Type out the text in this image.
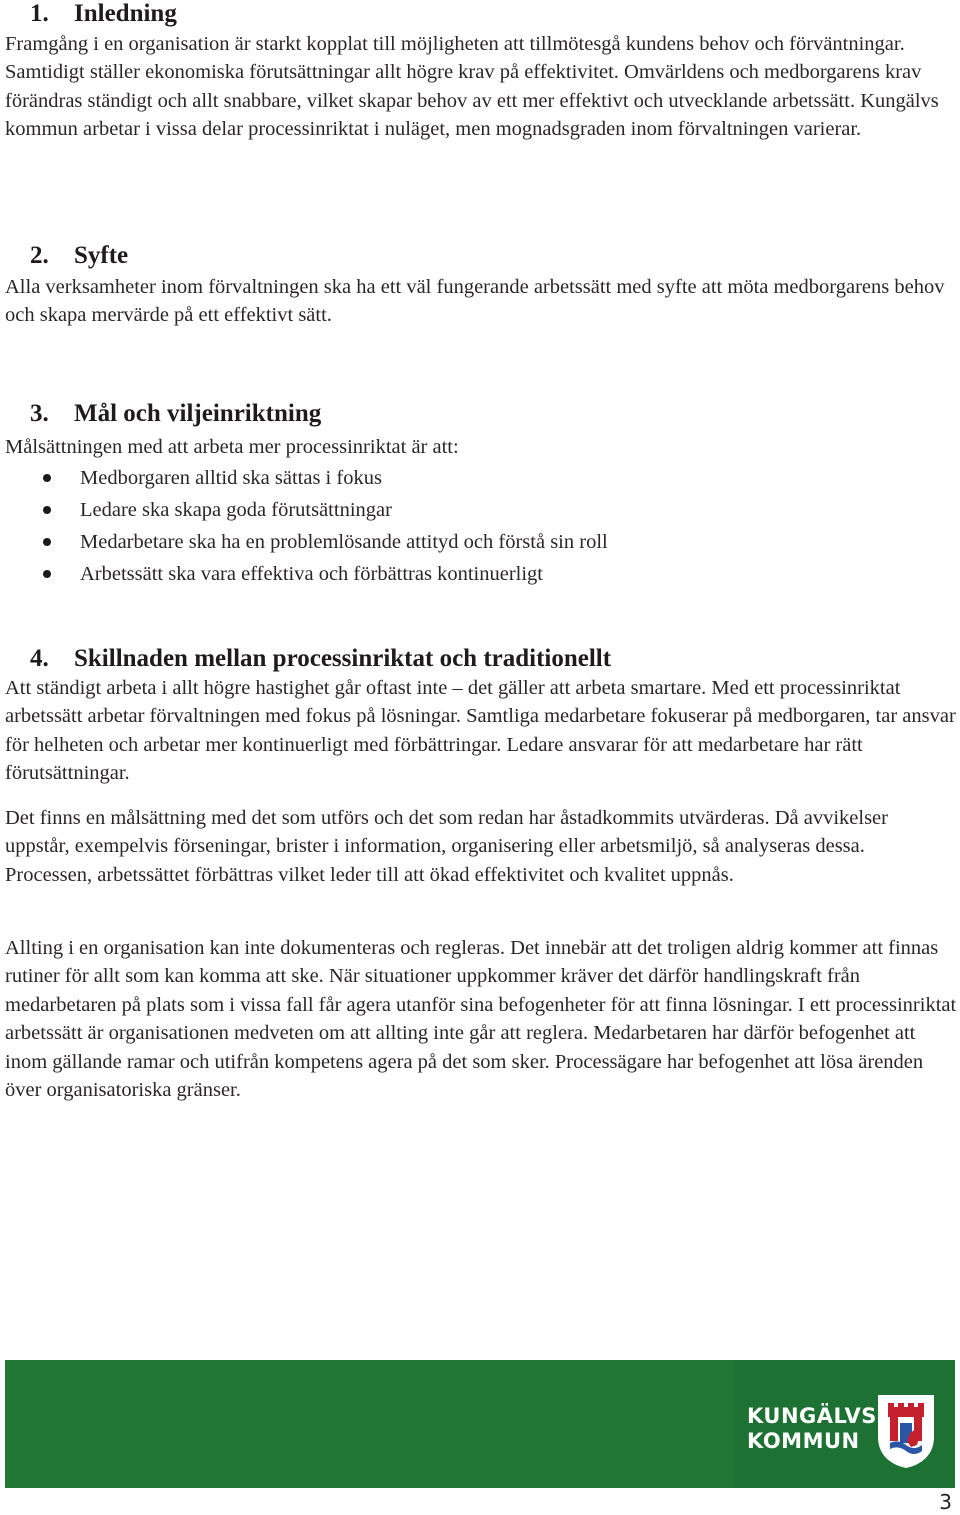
1. Inledning

Framgång i en organisation är starkt kopplat till möjligheten att tillmötesgå kundens behov och förväntningar. Samtidigt ställer ekonomiska förutsättningar allt högre krav på effektivitet. Omvärldens och medborgarens krav förändras ständigt och allt snabbare, vilket skapar behov av ett mer effektivt och utvecklande arbetssätt. Kungälvs kommun arbetar i vissa delar processinriktat i nuläget, men mognadsgraden inom förvaltningen varierar.

2. Syfte

Alla verksamheter inom förvaltningen ska ha ett väl fungerande arbetssätt med syfte att möta medborgarens behov och skapa mervärde på ett effektivt sätt.

3. Mål och viljeinriktning

Målsättningen med att arbeta mer processinriktat är att:

Medborgaren alltid ska sättas i fokus
Ledare ska skapa goda förutsättningar
Medarbetare ska ha en problemlösande attityd och förstå sin roll
Arbetssätt ska vara effektiva och förbättras kontinuerligt
4. Skillnaden mellan processinriktat och traditionellt

Att ständigt arbeta i allt högre hastighet går oftast inte – det gäller att arbeta smartare. Med ett processinriktat arbetssätt arbetar förvaltningen med fokus på lösningar. Samtliga medarbetare fokuserar på medborgaren, tar ansvar för helheten och arbetar mer kontinuerligt med förbättringar. Ledare ansvarar för att medarbetare har rätt förutsättningar.

Det finns en målsättning med det som utförs och det som redan har åstadkommits utvärderas. Då avvikelser uppstår, exempelvis förseningar, brister i information, organisering eller arbetsmiljö, så analyseras dessa. Processen, arbetssättet förbättras vilket leder till att ökad effektivitet och kvalitet uppnås.

Allting i en organisation kan inte dokumenteras och regleras. Det innebär att det troligen aldrig kommer att finnas rutiner för allt som kan komma att ske. När situationer uppkommer kräver det därför handlingskraft från medarbetaren på plats som i vissa fall får agera utanför sina befogenheter för att finna lösningar. I ett processinriktat arbetssätt är organisationen medveten om att allting inte går att reglera. Medarbetaren har därför befogenhet att inom gällande ramar och utifrån kompetens agera på det som sker. Processägare har befogenhet att lösa ärenden över organisatoriska gränser.

KUNGÄLVS
KOMMUN
3
